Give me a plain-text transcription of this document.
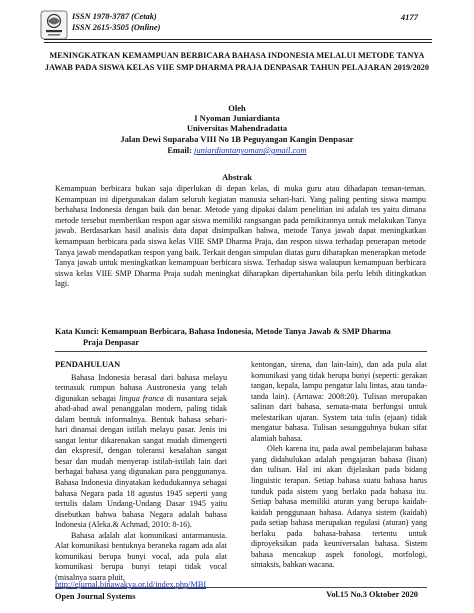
ISSN 1978-3787 (Cetak)
ISSN 2615-3505 (Online)
4177
MENINGKATKAN KEMAMPUAN BERBICARA BAHASA INDONESIA MELALUI METODE TANYA JAWAB PADA SISWA KELAS VIIE SMP DHARMA PRAJA DENPASAR TAHUN PELAJARAN 2019/2020
Oleh
I Nyoman Juniardianta
Universitas Mahendradatta
Jalan Dewi Suparaba VIII No 1B Peguyangan Kangin Denpasar
Email: juniardiantanyoman@gmail.com
Abstrak
Kemampuan berbicara bukan saja diperlukan di depan kelas, di muka guru atau dihadapan teman-teman. Kemampuan ini dipergunakan dalam seluruh kegiatan manusia sehari-hari. Yang paling penting siswa mampu berbahasa Indonesia dengan baik dan benar. Metode yang dipakai dalam penelitian ini adalah tes yaitu dimana metode tersebut memberikan respon agar siswa memiliki rangsangan pada pemikirannya untuk melakukan Tanya jawab. Berdasarkan hasil analisis data dapat disimpulkan bahwa, metode Tanya jawab dapat meningkatkan kemampuan berbicara pada siswa kelas VIIE SMP Dharma Praja, dan respon siswa terhadap penerapan metode Tanya jawab mendapatkan respon yang baik. Terkait dengan simpulan diatas guru diharapkan menerapkan metode Tanya jawab untuk meningkatkan kemampuan berbicara siswa. Terhadap siswa walaupun kemampuan berbicara siswa kelas VIIE SMP Dharma Praja sudah meningkat diharapkan dipertahankan bila perlu lebih ditingkatkan lagi.
Kata Kunci: Kemampuan Berbicara, Bahasa Indonesia, Metode Tanya Jawab & SMP Dharma
Praja Denpasar
PENDAHULUAN

Bahasa Indonesia berasal dari bahasa melayu termasuk rumpun bahasa Austronesia yang telah digunakan sebagai lingua franca di nusantara sejak abad-abad awal penanggalan modern, paling tidak dalam bentuk informalnya. Bentuk bahasa sehari-hari dinamai dengan istilah melayu pasar. Jenis ini sangat lentur dikarenakan sangat mudah dimengerti dan ekspresif, dengan toleransi kesalahan sangat besar dan mudah menyerap istilah-istilah lain dari berbagai bahasa yang digunakan para penggunanya. Bahasa Indonesia dinyatakan kedudukannya sebagai bahasa Negara pada 18 agustus 1945 seperti yang tertulis dalam Undang-Undang Dasar 1945 yaitu disebutkan bahwa bahasa Negara adalah bahasa Indonesia (Aleka.& Achmad, 2010: 8-16).

Bahasa adalah alat komunikasi antarmanusia. Alat komunikasi bentuknya beraneka ragam ada alat komunikasi berupa bunyi vocal, ada pula alat komunikasi berupa bunyi tetapi tidak vocal (misalnya suara pluit,

kentongan, sirena, dan lain-lain), dan ada pula alat komunikasi yang tidak berupa bunyi (seperti: gerakan tangan, kepala, lampu pengatur lalu lintas, atau tanda-tanda lain). (Arnawa: 2008:20). Tulisan merupakan salinan dari bahasa, semata-mata berfungsi untuk melestarikan ujaran. System tata tulis (ejaan) tidak mengatur bahasa. Tulisan sesungguhnya bukan sifat alamiah bahasa.

Oleh karena itu, pada awal pembelajaran bahasa yang didahulukan adalah pengajaran bahasa (lisan) dan tulisan. Hal ini akan dijelaskan pada bidang linguistic terapan. Setiap bahasa suatu bahasa harus tunduk pada sistem yang berlaku pada bahasa itu. Setiap bahasa memiliki aturan yang berupa kaidah-kaidah penggunaan bahasa. Adanya sistem (kaidah) pada setiap bahasa merupakan regulasi (aturan) yang berlaku pada bahasa-bahasa tertentu untuk diproyeksikan pada keuniversalan bahasa. Sistem bahasa mencakup aspek fonologi, morfologi, sintaksis, bahkan wacana.

http://ejurnal.binawakya.or.id/index.php/MBI
Open Journal Systems	Vol.15 No.3 Oktober 2020
